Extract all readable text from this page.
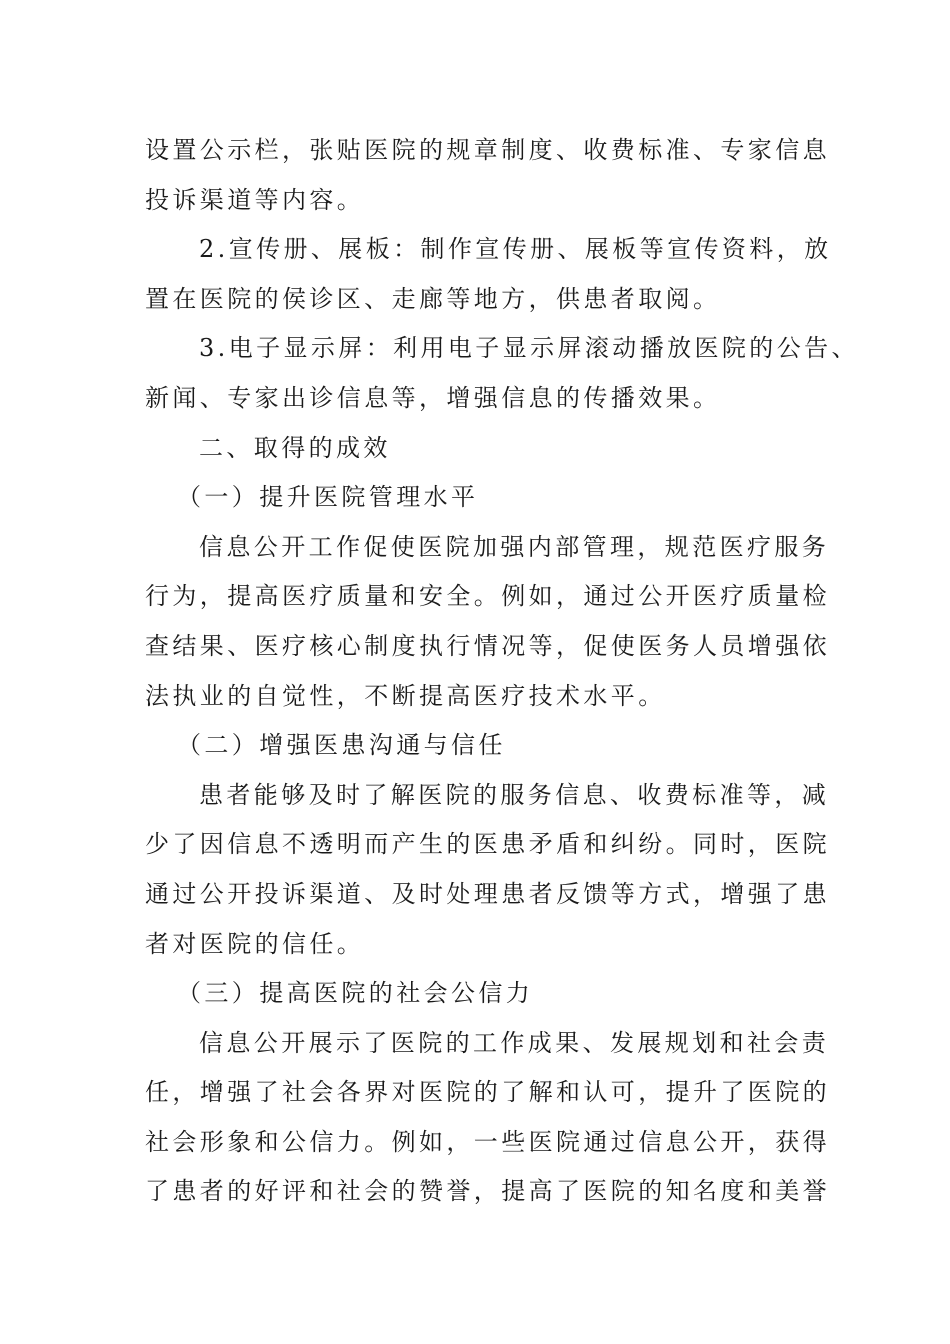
设置公示栏，张贴医院的规章制度、收费标准、专家信息
投诉渠道等内容。
2.宣传册、展板：制作宣传册、展板等宣传资料，放
置在医院的侯诊区、走廊等地方，供患者取阅。
3.电子显示屏：利用电子显示屏滚动播放医院的公告、
新闻、专家出诊信息等，增强信息的传播效果。
二、取得的成效
（一）提升医院管理水平
信息公开工作促使医院加强内部管理，规范医疗服务
行为，提高医疗质量和安全。例如，通过公开医疗质量检
查结果、医疗核心制度执行情况等，促使医务人员增强依
法执业的自觉性，不断提高医疗技术水平。
（二）增强医患沟通与信任
患者能够及时了解医院的服务信息、收费标准等，减
少了因信息不透明而产生的医患矛盾和纠纷。同时，医院
通过公开投诉渠道、及时处理患者反馈等方式，增强了患
者对医院的信任。
（三）提高医院的社会公信力
信息公开展示了医院的工作成果、发展规划和社会责
任，增强了社会各界对医院的了解和认可，提升了医院的
社会形象和公信力。例如，一些医院通过信息公开，获得
了患者的好评和社会的赞誉，提高了医院的知名度和美誉
